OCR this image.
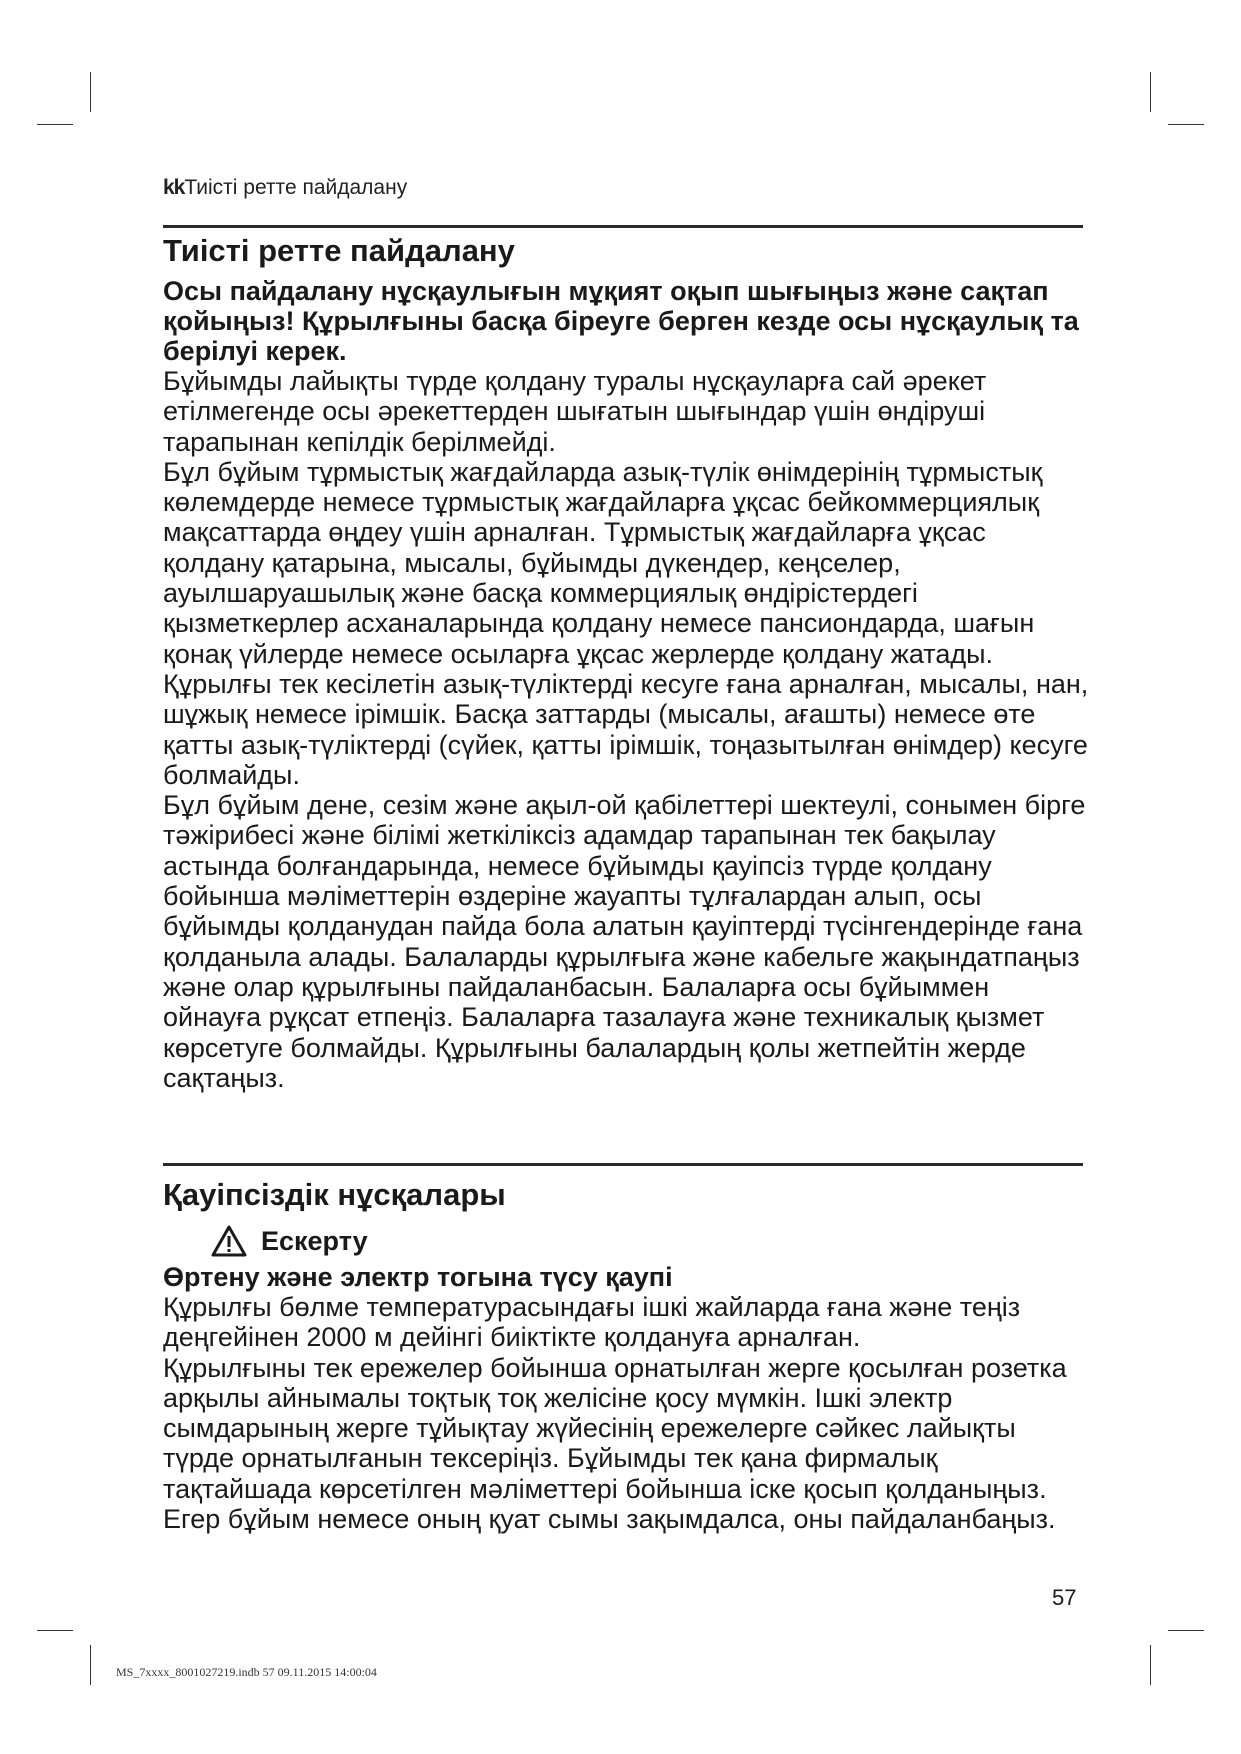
kkТиісті ретте пайдалану
Тиісті ретте пайдалану

Осы пайдалану нұсқаулығын мұқият оқып шығыңыз және сақтап қойыңыз! Құрылғыны басқа біреуге берген кезде осы нұсқаулық та берілуі керек.

Бұйымды лайықты түрде қолдану туралы нұсқауларға сай әрекет етілмегенде осы әрекеттерден шығатын шығындар үшін өндіруші тарапынан кепілдік берілмейді.

Бұл бұйым тұрмыстық жағдайларда азық-түлік өнімдерінің тұрмыстық көлемдерде немесе тұрмыстық жағдайларға ұқсас бейкоммерциялық мақсаттарда өңдеу үшін арналған. Тұрмыстық жағдайларға ұқсас қолдану қатарына, мысалы, бұйымды дүкендер, кеңселер, ауылшаруашылық және басқа коммерциялық өндірістердегі қызметкерлер асханаларында қолдану немесе пансиондарда, шағын қонақ үйлерде немесе осыларға ұқсас жерлерде қолдану жатады.

Құрылғы тек кесілетін азық-түліктерді кесуге ғана арналған, мысалы, нан, шұжық немесе ірімшік. Басқа заттарды (мысалы, ағашты) немесе өте қатты азық-түліктерді (сүйек, қатты ірімшік, тоңазытылған өнімдер) кесуге болмайды.

Бұл бұйым дене, сезім және ақыл-ой қабілеттері шектеулі, сонымен бірге тәжірибесі және білімі жеткіліксіз адамдар тарапынан тек бақылау астында болғандарында, немесе бұйымды қауіпсіз түрде қолдану бойынша мәліметтерін өздеріне жауапты тұлғалардан алып, осы бұйымды қолданудан пайда бола алатын қауіптерді түсінгендерінде ғана қолданыла алады. Балаларды құрылғыға және кабельге жақындатпаңыз және олар құрылғыны пайдаланбасын. Балаларға осы бұйыммен ойнауға рұқсат етпеңіз. Балаларға тазалауға және техникалық қызмет көрсетуге болмайды. Құрылғыны балалардың қолы жетпейтін жерде сақтаңыз.

Қауіпсіздік нұсқалары
Ескерту

Өртену және электр тогына түсу қаупі

Құрылғы бөлме температурасындағы ішкі жайларда ғана және теңіз деңгейінен 2000 м дейінгі биіктікте қолдануға арналған.

Құрылғыны тек ережелер бойынша орнатылған жерге қосылған розетка арқылы айнымалы тоқтық тоқ желісіне қосу мүмкін. Ішкі электр сымдарының жерге тұйықтау жүйесінің ережелерге сәйкес лайықты түрде орнатылғанын тексеріңіз. Бұйымды тек қана фирмалық тақтайшада көрсетілген мәліметтері бойынша іске қосып қолданыңыз. Егер бұйым немесе оның қуат сымы зақымдалса, оны пайдаланбаңыз.

57
MS_7xxxx_8001027219.indb 57 09.11.2015 14:00:04
